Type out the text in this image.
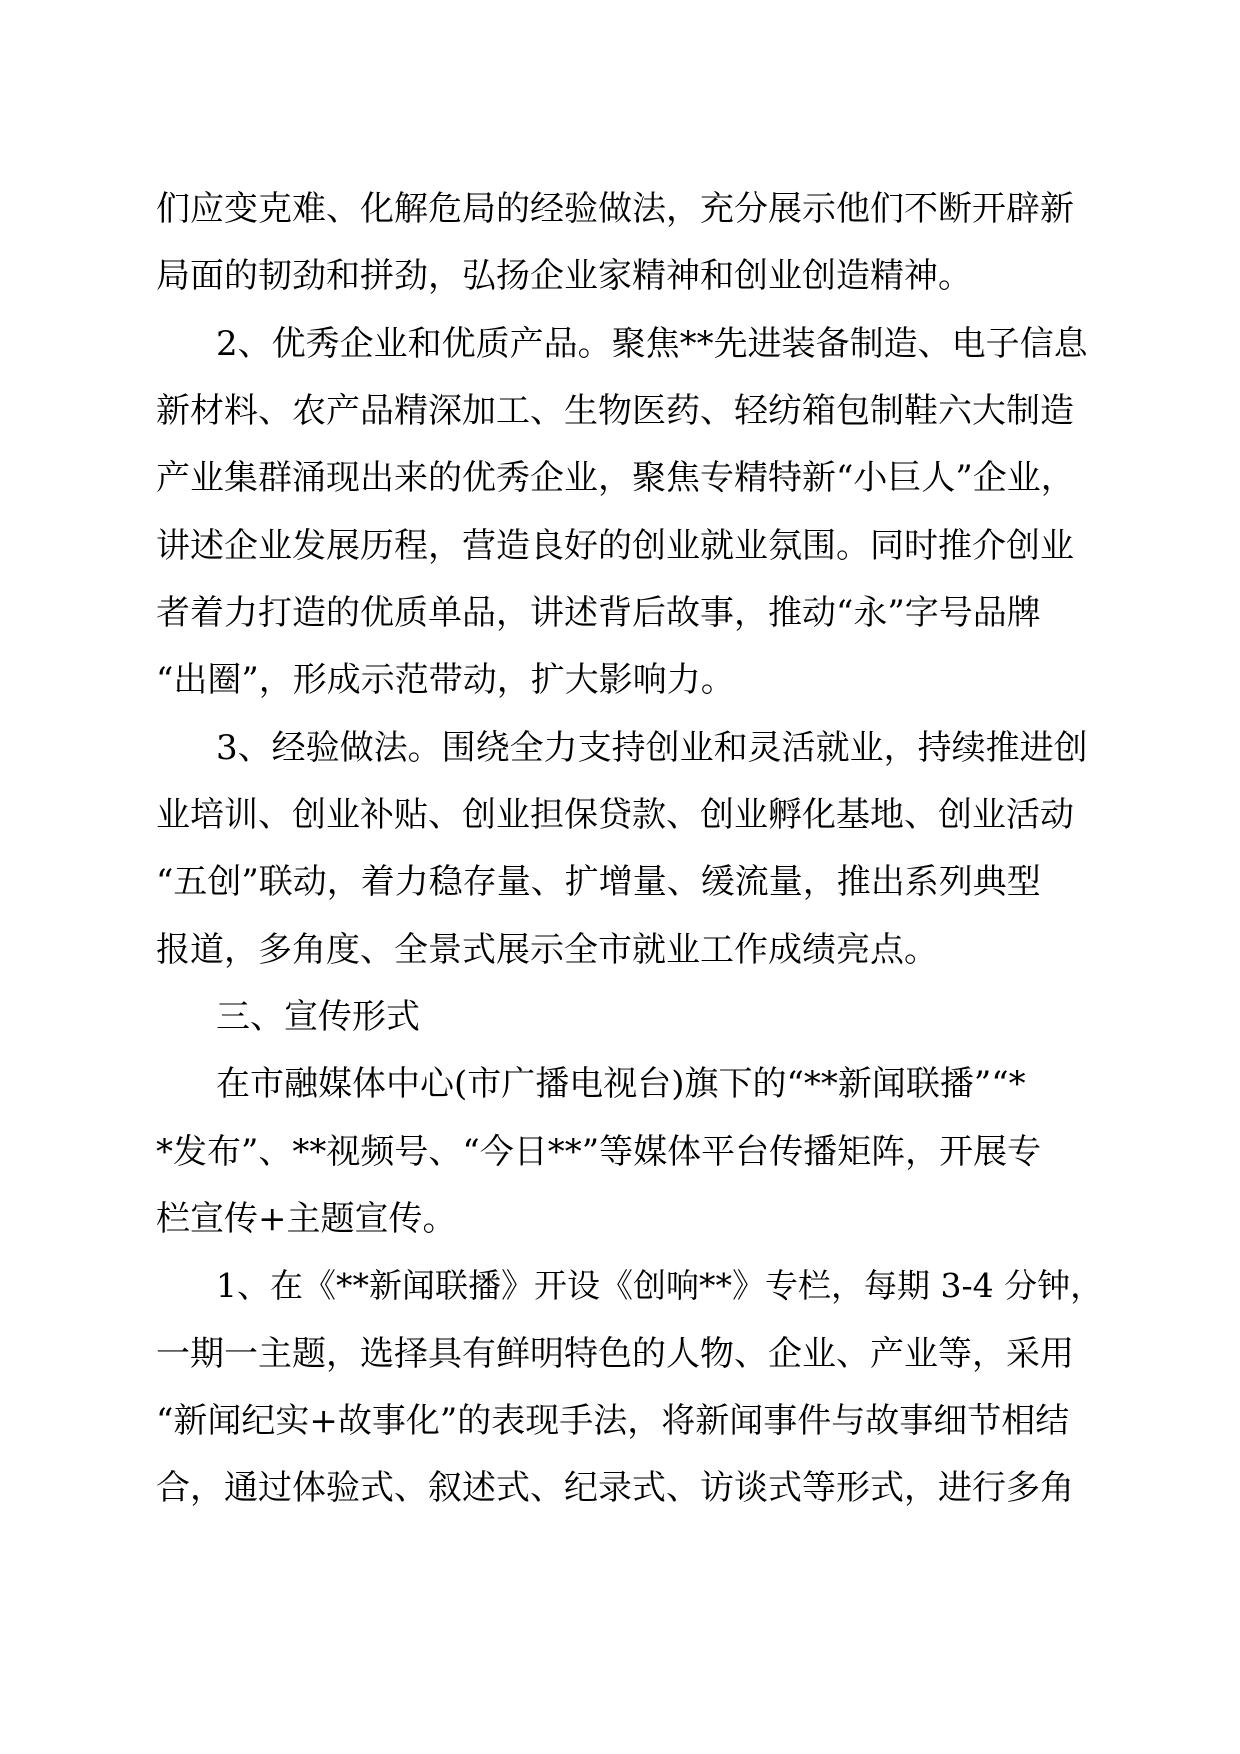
们应变克难、化解危局的经验做法，充分展示他们不断开辟新
局面的韧劲和拼劲，弘扬企业家精神和创业创造精神。
2、优秀企业和优质产品。聚焦**先进装备制造、电子信息
新材料、农产品精深加工、生物医药、轻纺箱包制鞋六大制造
产业集群涌现出来的优秀企业，聚焦专精特新“小巨人”企业，
讲述企业发展历程，营造良好的创业就业氛围。同时推介创业
者着力打造的优质单品，讲述背后故事，推动“永”字号品牌
“出圈”，形成示范带动，扩大影响力。
3、经验做法。围绕全力支持创业和灵活就业，持续推进创
业培训、创业补贴、创业担保贷款、创业孵化基地、创业活动
“五创”联动，着力稳存量、扩增量、缓流量，推出系列典型
报道，多角度、全景式展示全市就业工作成绩亮点。
三、宣传形式
在市融媒体中心(市广播电视台)旗下的“**新闻联播”“*
*发布”、**视频号、“今日**”等媒体平台传播矩阵，开展专
栏宣传+主题宣传。
1、在《**新闻联播》开设《创响**》专栏，每期 3-4 分钟，
一期一主题，选择具有鲜明特色的人物、企业、产业等，采用
“新闻纪实+故事化”的表现手法，将新闻事件与故事细节相结
合，通过体验式、叙述式、纪录式、访谈式等形式，进行多角
